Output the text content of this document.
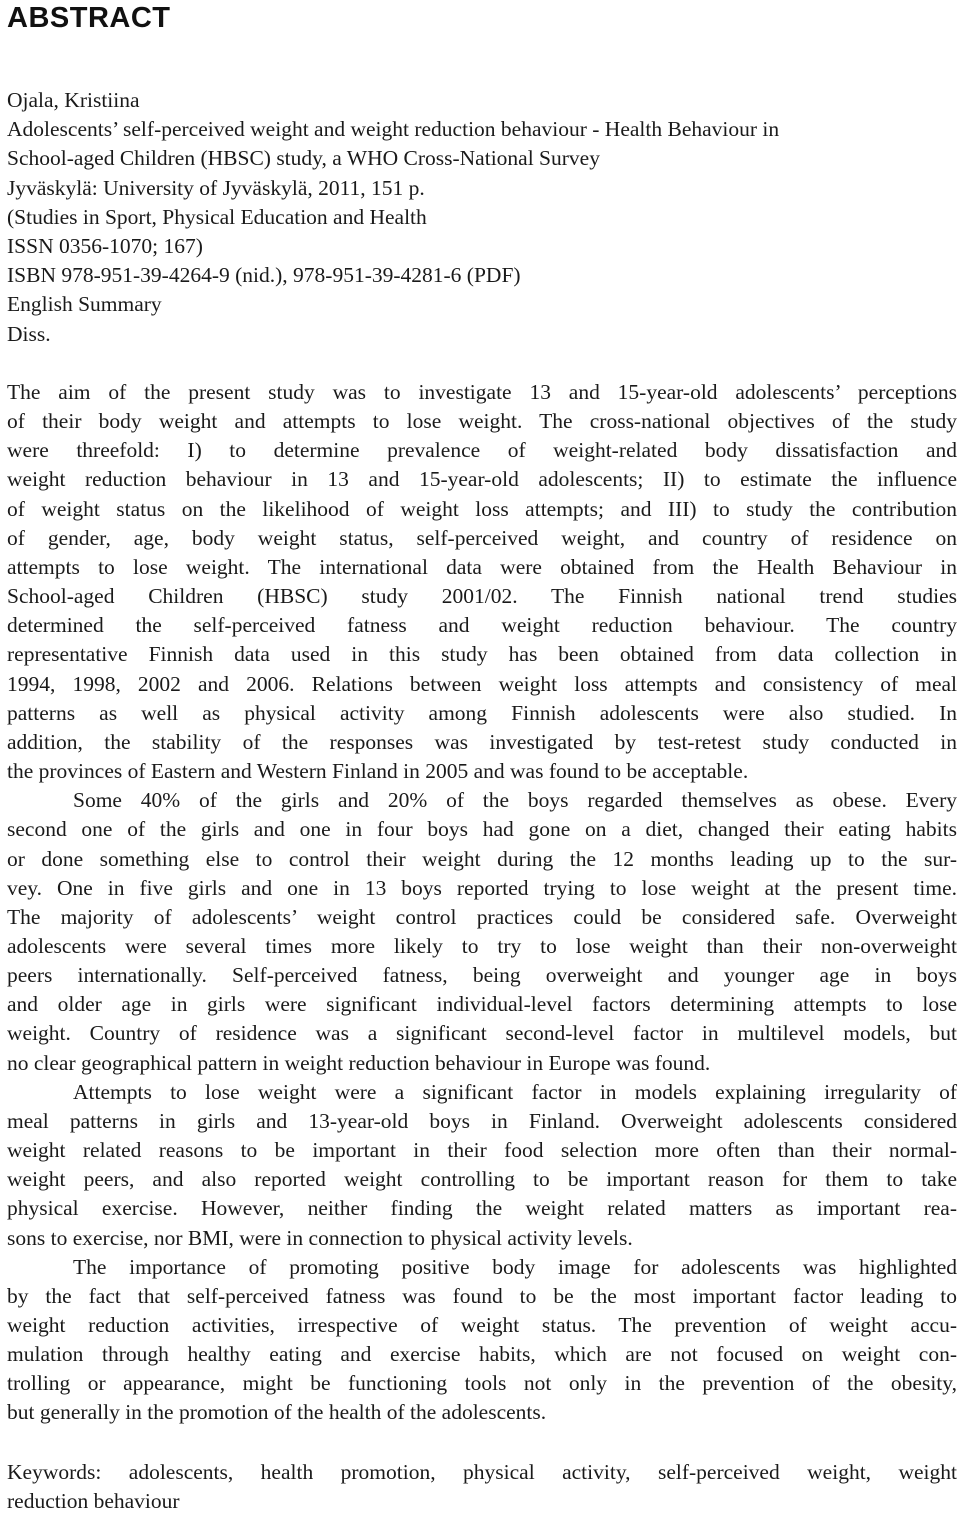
ABSTRACT
Ojala, Kristiina
Adolescents’ self-perceived weight and weight reduction behaviour - Health Behaviour in
School-aged Children (HBSC) study, a WHO Cross-National Survey
Jyväskylä: University of Jyväskylä, 2011, 151 p.
(Studies in Sport, Physical Education and Health
ISSN 0356-1070; 167)
ISBN 978-951-39-4264-9 (nid.), 978-951-39-4281-6 (PDF)
English Summary
Diss.
The aim of the present study was to investigate 13 and 15-year-old adolescents’ perceptions
of their body weight and attempts to lose weight. The cross-national objectives of the study
were threefold: I) to determine prevalence of weight-related body dissatisfaction and
weight reduction behaviour in 13 and 15-year-old adolescents; II) to estimate the influence
of weight status on the likelihood of weight loss attempts; and III) to study the contribution
of gender, age, body weight status, self-perceived weight, and country of residence on
attempts to lose weight. The international data were obtained from the Health Behaviour in
School-aged Children (HBSC) study 2001/02. The Finnish national trend studies
determined the self-perceived fatness and weight reduction behaviour. The country
representative Finnish data used in this study has been obtained from data collection in
1994, 1998, 2002 and 2006. Relations between weight loss attempts and consistency of meal
patterns as well as physical activity among Finnish adolescents were also studied. In
addition, the stability of the responses was investigated by test-retest study conducted in
the provinces of Eastern and Western Finland in 2005 and was found to be acceptable.
Some 40% of the girls and 20% of the boys regarded themselves as obese. Every
second one of the girls and one in four boys had gone on a diet, changed their eating habits
or done something else to control their weight during the 12 months leading up to the sur-
vey. One in five girls and one in 13 boys reported trying to lose weight at the present time.
The majority of adolescents’ weight control practices could be considered safe. Overweight
adolescents were several times more likely to try to lose weight than their non-overweight
peers internationally. Self-perceived fatness, being overweight and younger age in boys
and older age in girls were significant individual-level factors determining attempts to lose
weight. Country of residence was a significant second-level factor in multilevel models, but
no clear geographical pattern in weight reduction behaviour in Europe was found.
Attempts to lose weight were a significant factor in models explaining irregularity of
meal patterns in girls and 13-year-old boys in Finland. Overweight adolescents considered
weight related reasons to be important in their food selection more often than their normal-
weight peers, and also reported weight controlling to be important reason for them to take
physical exercise. However, neither finding the weight related matters as important rea-
sons to exercise, nor BMI, were in connection to physical activity levels.
The importance of promoting positive body image for adolescents was highlighted
by the fact that self-perceived fatness was found to be the most important factor leading to
weight reduction activities, irrespective of weight status. The prevention of weight accu-
mulation through healthy eating and exercise habits, which are not focused on weight con-
trolling or appearance, might be functioning tools not only in the prevention of the obesity,
but generally in the promotion of the health of the adolescents.
Keywords: adolescents, health promotion, physical activity, self-perceived weight, weight
reduction behaviour
